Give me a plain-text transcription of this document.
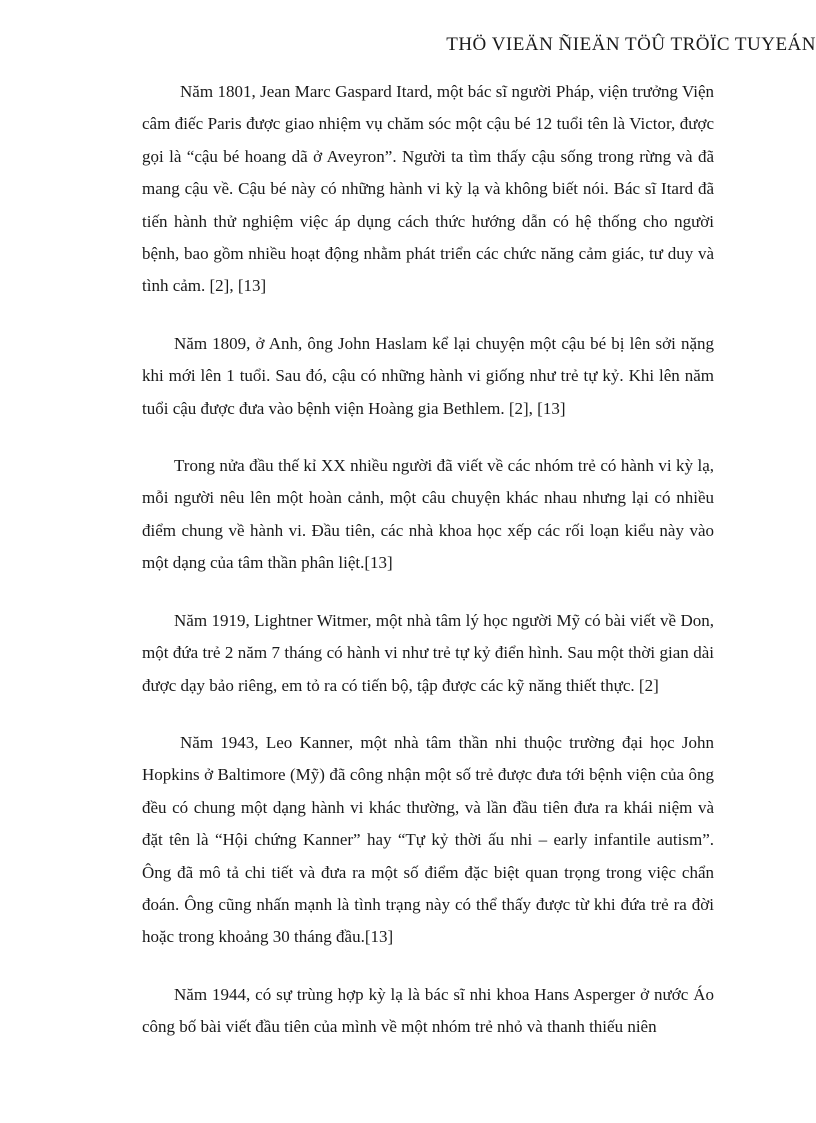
THÖ VIEÄN ÑIEÄN TÖÛ TRÖÏC TUYEÁN

Năm 1801, Jean Marc Gaspard Itard, một bác sĩ người Pháp, viện trưởng Viện câm điếc Paris được giao nhiệm vụ chăm sóc một cậu bé 12 tuổi tên là Victor, được gọi là “cậu bé hoang dã ở Aveyron”. Người ta tìm thấy cậu sống trong rừng và đã mang cậu về. Cậu bé này có những hành vi kỳ lạ và không biết nói. Bác sĩ Itard đã tiến hành thử nghiệm việc áp dụng cách thức hướng dẫn có hệ thống cho người bệnh, bao gồm nhiều hoạt động nhằm phát triển các chức năng cảm giác, tư duy và tình cảm. [2], [13]

Năm 1809, ở Anh, ông John Haslam kể lại chuyện một cậu bé bị lên sởi nặng khi mới lên 1 tuổi. Sau đó, cậu có những hành vi giống như trẻ tự kỷ. Khi lên năm tuổi cậu được đưa vào bệnh viện Hoàng gia Bethlem. [2], [13]

Trong nửa đầu thế kỉ XX nhiều người đã viết về các nhóm trẻ có hành vi kỳ lạ, mỗi người nêu lên một hoàn cảnh, một câu chuyện khác nhau nhưng lại có nhiều điểm chung về hành vi. Đầu tiên, các nhà khoa học xếp các rối loạn kiểu này vào một dạng của tâm thần phân liệt.[13]

Năm 1919, Lightner Witmer, một nhà tâm lý học người Mỹ có bài viết về Don, một đứa trẻ 2 năm 7 tháng có hành vi như trẻ tự kỷ điển hình. Sau một thời gian dài được dạy bảo riêng, em tỏ ra có tiến bộ, tập được các kỹ năng thiết thực. [2]

Năm 1943, Leo Kanner, một nhà tâm thần nhi thuộc trường đại học John Hopkins ở Baltimore (Mỹ) đã công nhận một số trẻ được đưa tới bệnh viện của ông đều có chung một dạng hành vi khác thường, và lần đầu tiên đưa ra khái niệm và đặt tên là “Hội chứng Kanner” hay “Tự kỷ thời ấu nhi – early infantile autism”. Ông đã mô tả chi tiết và đưa ra một số điểm đặc biệt quan trọng trong việc chẩn đoán. Ông cũng nhấn mạnh là tình trạng này có thể thấy được từ khi đứa trẻ ra đời hoặc trong khoảng 30 tháng đầu.[13]

Năm 1944, có sự trùng hợp kỳ lạ là bác sĩ nhi khoa Hans Asperger ở nước Áo công bố bài viết đầu tiên của mình về một nhóm trẻ nhỏ và thanh thiếu niên
